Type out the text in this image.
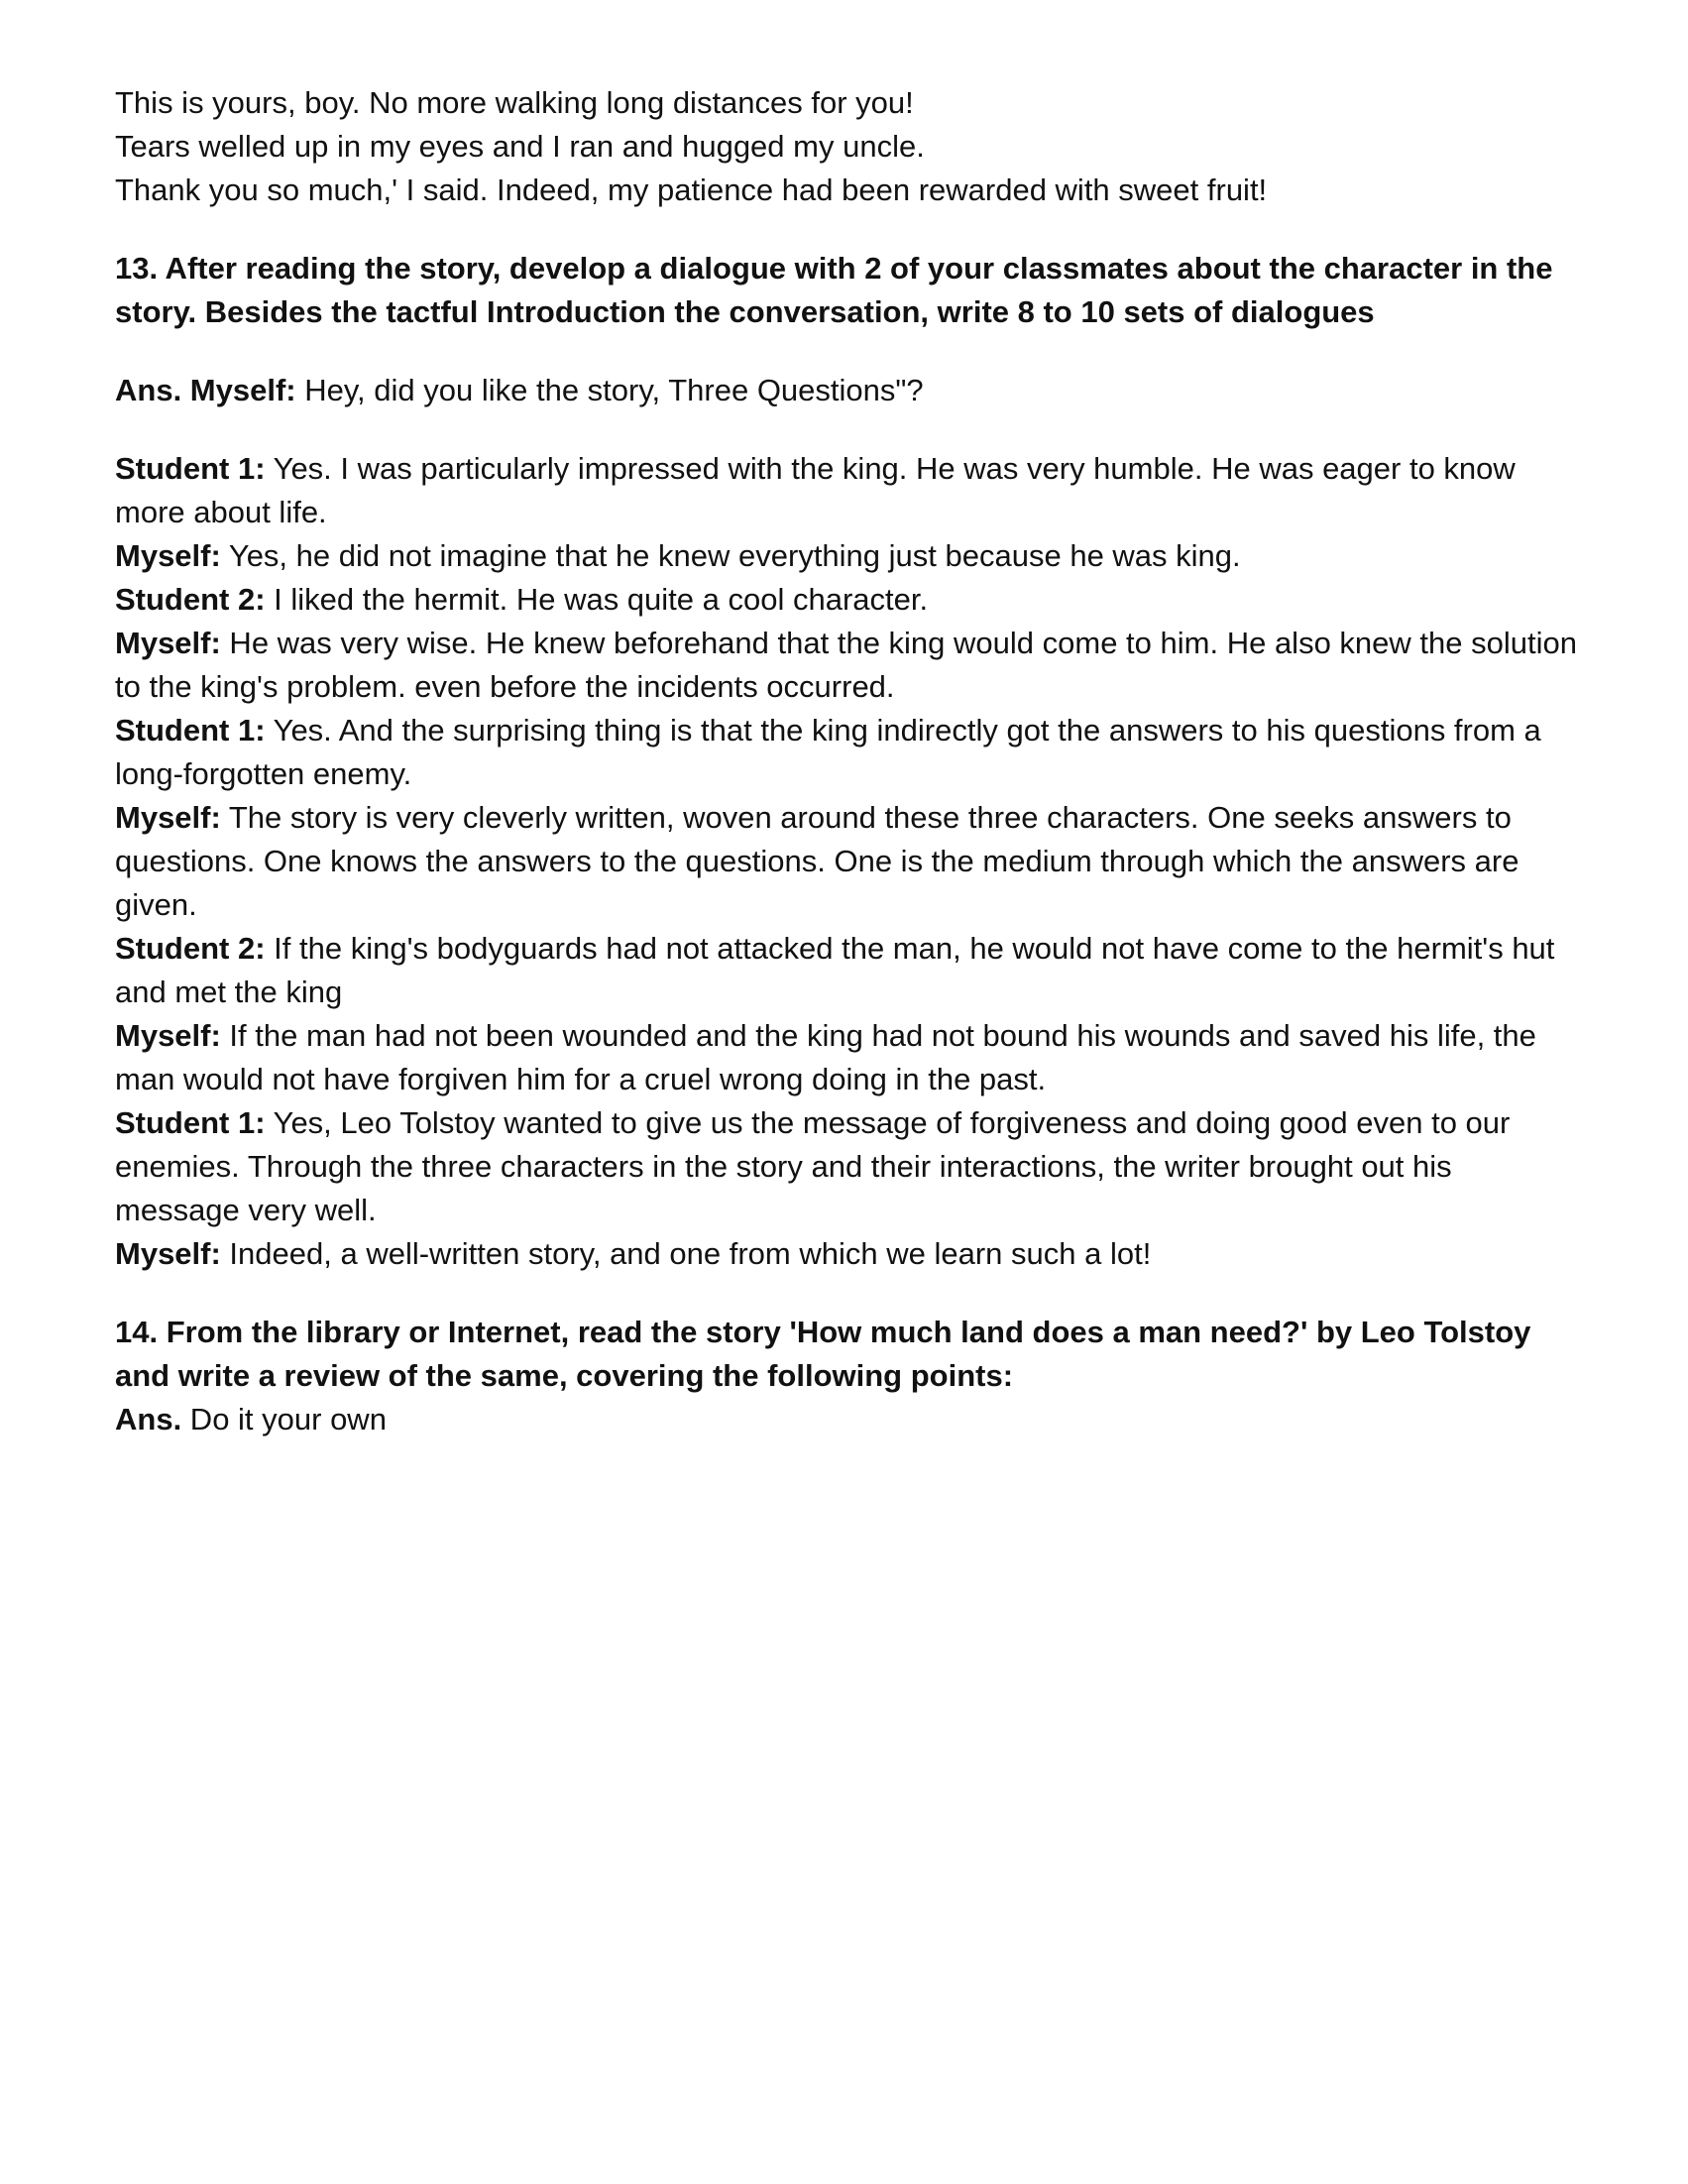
This is yours, boy. No more walking long distances for you!

Tears welled up in my eyes and I ran and hugged my uncle.

Thank you so much,' I said. Indeed, my patience had been rewarded with sweet fruit!

13. After reading the story, develop a dialogue with 2 of your classmates about the character in the story. Besides the tactful Introduction the conversation, write 8 to 10 sets of dialogues

Ans. Myself: Hey, did you like the story, Three Questions"?

Student 1: Yes. I was particularly impressed with the king. He was very humble. He was eager to know more about life.

Myself: Yes, he did not imagine that he knew everything just because he was king.

Student 2: I liked the hermit. He was quite a cool character.

Myself: He was very wise. He knew beforehand that the king would come to him. He also knew the solution to the king's problem. even before the incidents occurred.

Student 1: Yes. And the surprising thing is that the king indirectly got the answers to his questions from a long-forgotten enemy.

Myself: The story is very cleverly written, woven around these three characters. One seeks answers to questions. One knows the answers to the questions. One is the medium through which the answers are given.

Student 2: If the king's bodyguards had not attacked the man, he would not have come to the hermit's hut and met the king

Myself: If the man had not been wounded and the king had not bound his wounds and saved his life, the man would not have forgiven him for a cruel wrong doing in the past.

Student 1: Yes, Leo Tolstoy wanted to give us the message of forgiveness and doing good even to our enemies. Through the three characters in the story and their interactions, the writer brought out his message very well.

Myself: Indeed, a well-written story, and one from which we learn such a lot!

14. From the library or Internet, read the story 'How much land does a man need?' by Leo Tolstoy and write a review of the same, covering the following points:

Ans. Do it your own
